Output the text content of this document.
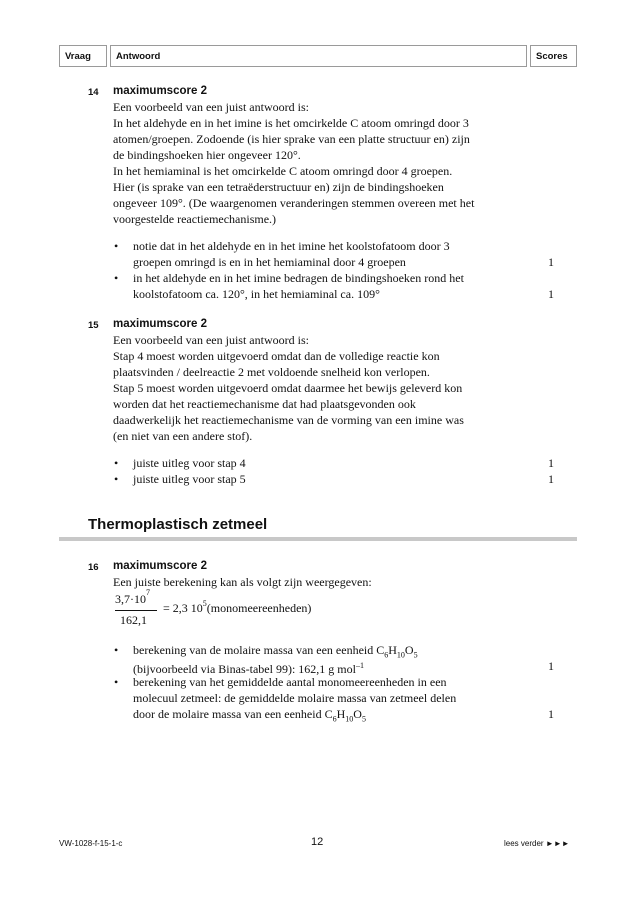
Vraag	Antwoord	Scores
14 maximumscore 2
Een voorbeeld van een juist antwoord is:
In het aldehyde en in het imine is het omcirkelde C atoom omringd door 3
atomen/groepen. Zodoende (is hier sprake van een platte structuur en) zijn
de bindingshoeken hier ongeveer 120°.
In het hemiaminal is het omcirkelde C atoom omringd door 4 groepen.
Hier (is sprake van een tetraëderstructuur en) zijn de bindingshoeken
ongeveer 109°. (De waargenomen veranderingen stemmen overeen met het
voorgestelde reactiemechanisme.)
• notie dat in het aldehyde en in het imine het koolstofatoom door 3
groepen omringd is en in het hemiaminal door 4 groepen	1
• in het aldehyde en in het imine bedragen de bindingshoeken rond het
koolstofatoom ca. 120°, in het hemiaminal ca. 109°	1
15 maximumscore 2
Een voorbeeld van een juist antwoord is:
Stap 4 moest worden uitgevoerd omdat dan de volledige reactie kon
plaatsvinden / deelreactie 2 met voldoende snelheid kon verlopen.
Stap 5 moest worden uitgevoerd omdat daarmee het bewijs geleverd kon
worden dat het reactiemechanisme dat had plaatsgevonden ook
daadwerkelijk het reactiemechanisme van de vorming van een imine was
(en niet van een andere stof).
• juiste uitleg voor stap 4	1
• juiste uitleg voor stap 5	1
Thermoplastisch zetmeel
16 maximumscore 2
Een juiste berekening kan als volgt zijn weergegeven:
$3,7\cdot 10^7$
162,1
= 2,3 $10^5(monomeereenheden)$
• berekening van de molaire massa van een eenheid $C_6H_{10}O_5$
(bijvoorbeeld via Binas-tabel 99): 162,1 g mol$^{-1}$	1
• berekening van het gemiddelde aantal monomeereenheden in een
molecuul zetmeel: de gemiddelde molaire massa van zetmeel delen
door de molaire massa van een eenheid $C_6H_{10}O_5$	1
VW-1028-f-15-1-c	12	lees verder ►►►
